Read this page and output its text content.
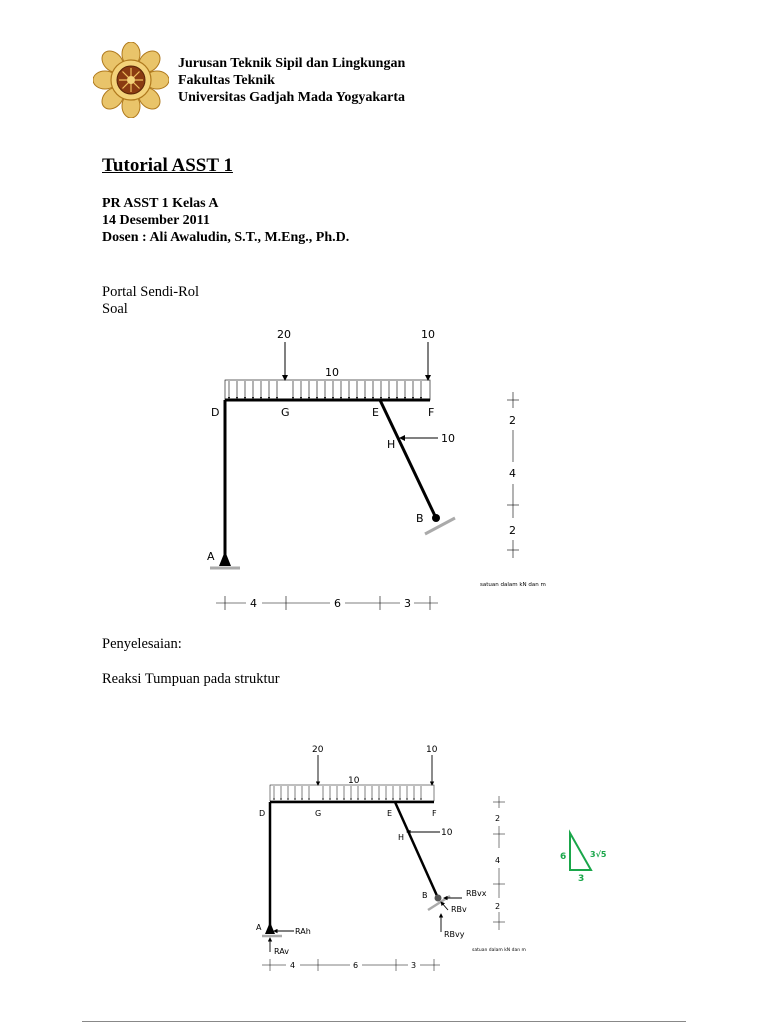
Jurusan Teknik Sipil dan Lingkungan
Fakultas Teknik
Universitas Gadjah Mada Yogyakarta
Tutorial ASST 1
PR ASST 1 Kelas A
14 Desember 2011
Dosen : Ali Awaludin, S.T., M.Eng., Ph.D.
Portal Sendi-Rol
Soal
20	10
10
D	G	E	F
H	10
B
A
2
4
2
4	6	3
satuan dalam kN dan m
Penyelesaian:
Reaksi Tumpuan pada struktur
20	10
10
D	G	E	F
H	10
B
A
RBvx
RBv
RBvy
RAh
RAv
2
4
2
4	6	3
satuan dalam kN dan m
6	3√5
3
